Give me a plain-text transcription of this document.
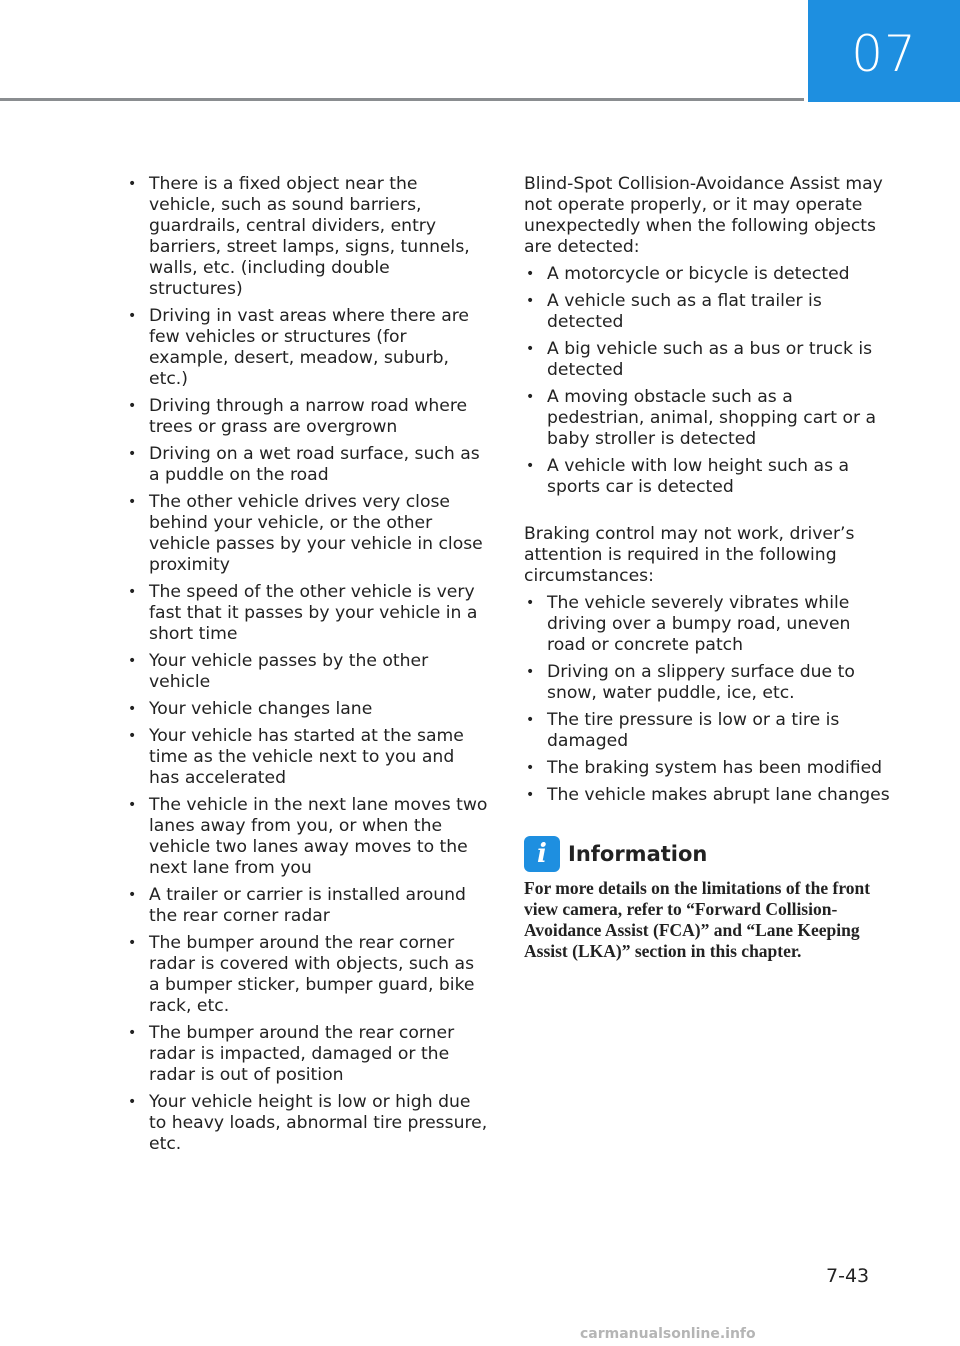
07
• There is a fixed object near the vehicle, such as sound barriers, guardrails, central dividers, entry barriers, street lamps, signs, tunnels, walls, etc. (including double structures)
• Driving in vast areas where there are few vehicles or structures (for example, desert, meadow, suburb, etc.)
• Driving through a narrow road where trees or grass are overgrown
• Driving on a wet road surface, such as a puddle on the road
• The other vehicle drives very close behind your vehicle, or the other vehicle passes by your vehicle in close proximity
• The speed of the other vehicle is very fast that it passes by your vehicle in a short time
• Your vehicle passes by the other vehicle
• Your vehicle changes lane
• Your vehicle has started at the same time as the vehicle next to you and has accelerated
• The vehicle in the next lane moves two lanes away from you, or when the vehicle two lanes away moves to the next lane from you
• A trailer or carrier is installed around the rear corner radar
• The bumper around the rear corner radar is covered with objects, such as a bumper sticker, bumper guard, bike rack, etc.
• The bumper around the rear corner radar is impacted, damaged or the radar is out of position
• Your vehicle height is low or high due to heavy loads, abnormal tire pressure, etc.

Blind-Spot Collision-Avoidance Assist may not operate properly, or it may operate unexpectedly when the following objects are detected:

• A motorcycle or bicycle is detected
• A vehicle such as a flat trailer is detected
• A big vehicle such as a bus or truck is detected
• A moving obstacle such as a pedestrian, animal, shopping cart or a baby stroller is detected
• A vehicle with low height such as a sports car is detected

Braking control may not work, driver’s attention is required in the following circumstances:

• The vehicle severely vibrates while driving over a bumpy road, uneven road or concrete patch
• Driving on a slippery surface due to snow, water puddle, ice, etc.
• The tire pressure is low or a tire is damaged
• The braking system has been modified
• The vehicle makes abrupt lane changes
i	Information

For more details on the limitations of the front view camera, refer to “Forward Collision-Avoidance Assist (FCA)” and “Lane Keeping Assist (LKA)” section in this chapter.

7-43
carmanualsonline.info
